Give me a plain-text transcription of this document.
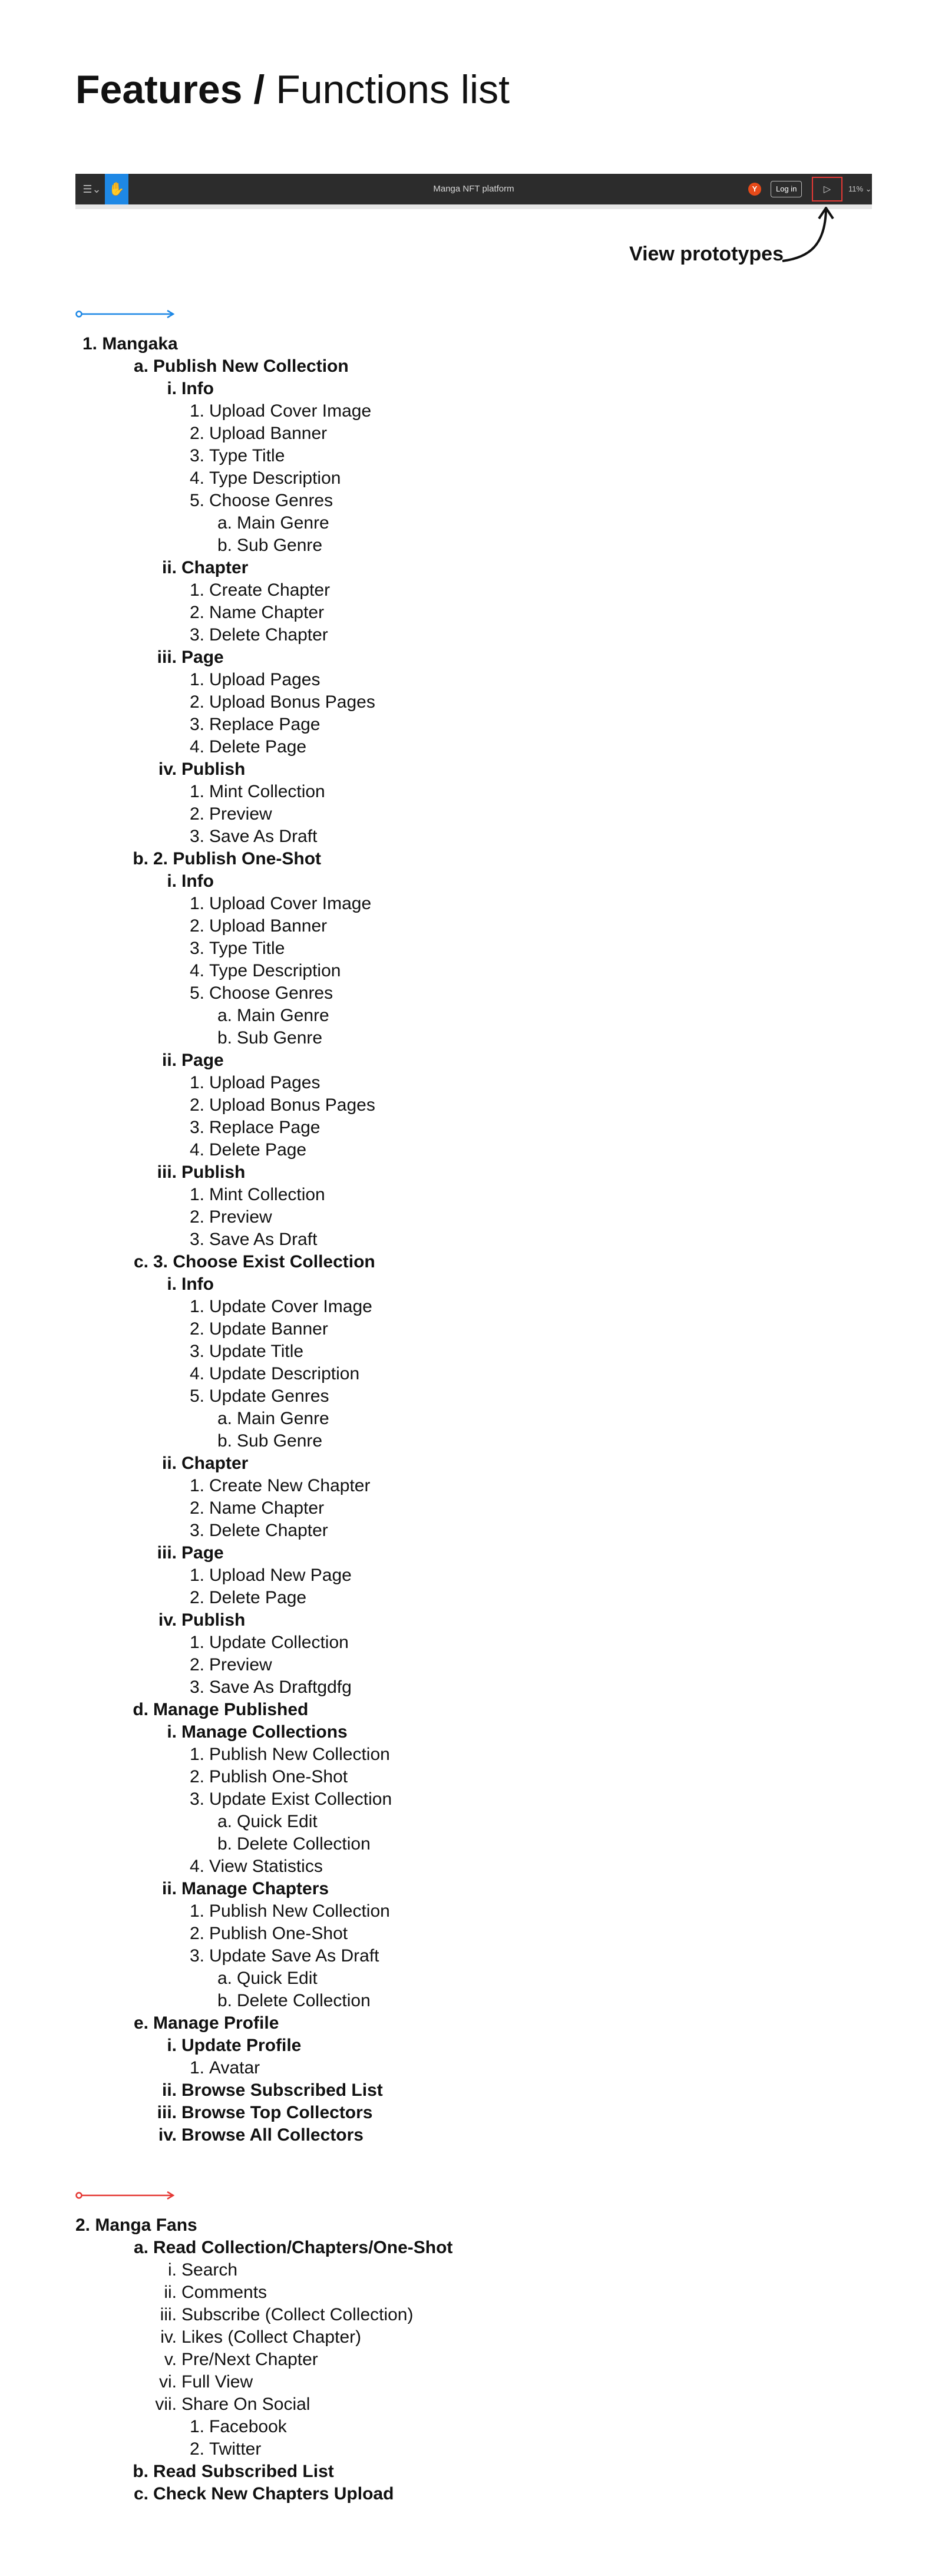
Features / Functions list
☰⌄ ✋	Manga NFT platform	Y	Log in	▷	11% ⌄
View prototypes
1. Mangaka
a. Publish New Collection
i. Info
1. Upload Cover Image
2. Upload Banner
3. Type Title
4. Type Description
5. Choose Genres
a. Main Genre
b. Sub Genre
ii. Chapter
1. Create Chapter
2. Name Chapter
3. Delete Chapter
iii. Page
1. Upload Pages
2. Upload Bonus Pages
3. Replace Page
4. Delete Page
iv. Publish
1. Mint Collection
2. Preview
3. Save As Draft
b. 2. Publish One-Shot
i. Info
1. Upload Cover Image
2. Upload Banner
3. Type Title
4. Type Description
5. Choose Genres
a. Main Genre
b. Sub Genre
ii. Page
1. Upload Pages
2. Upload Bonus Pages
3. Replace Page
4. Delete Page
iii. Publish
1. Mint Collection
2. Preview
3. Save As Draft
c. 3. Choose Exist Collection
i. Info
1. Update Cover Image
2. Update Banner
3. Update Title
4. Update Description
5. Update Genres
a. Main Genre
b. Sub Genre
ii. Chapter
1. Create New Chapter
2. Name Chapter
3. Delete Chapter
iii. Page
1. Upload New Page
2. Delete Page
iv. Publish
1. Update Collection
2. Preview
3. Save As Draftgdfg
d. Manage Published
i. Manage Collections
1. Publish New Collection
2. Publish One-Shot
3. Update Exist Collection
a. Quick Edit
b. Delete Collection
4. View Statistics
ii. Manage Chapters
1. Publish New Collection
2. Publish One-Shot
3. Update Save As Draft
a. Quick Edit
b. Delete Collection
e. Manage Profile
i. Update Profile
1. Avatar
ii. Browse Subscribed List
iii. Browse Top Collectors
iv. Browse All Collectors
2. Manga Fans
a. Read Collection/Chapters/One-Shot
i. Search
ii. Comments
iii. Subscribe (Collect Collection)
iv. Likes (Collect Chapter)
v. Pre/Next Chapter
vi. Full View
vii. Share On Social
1. Facebook
2. Twitter
b. Read Subscribed List
c. Check New Chapters Upload
